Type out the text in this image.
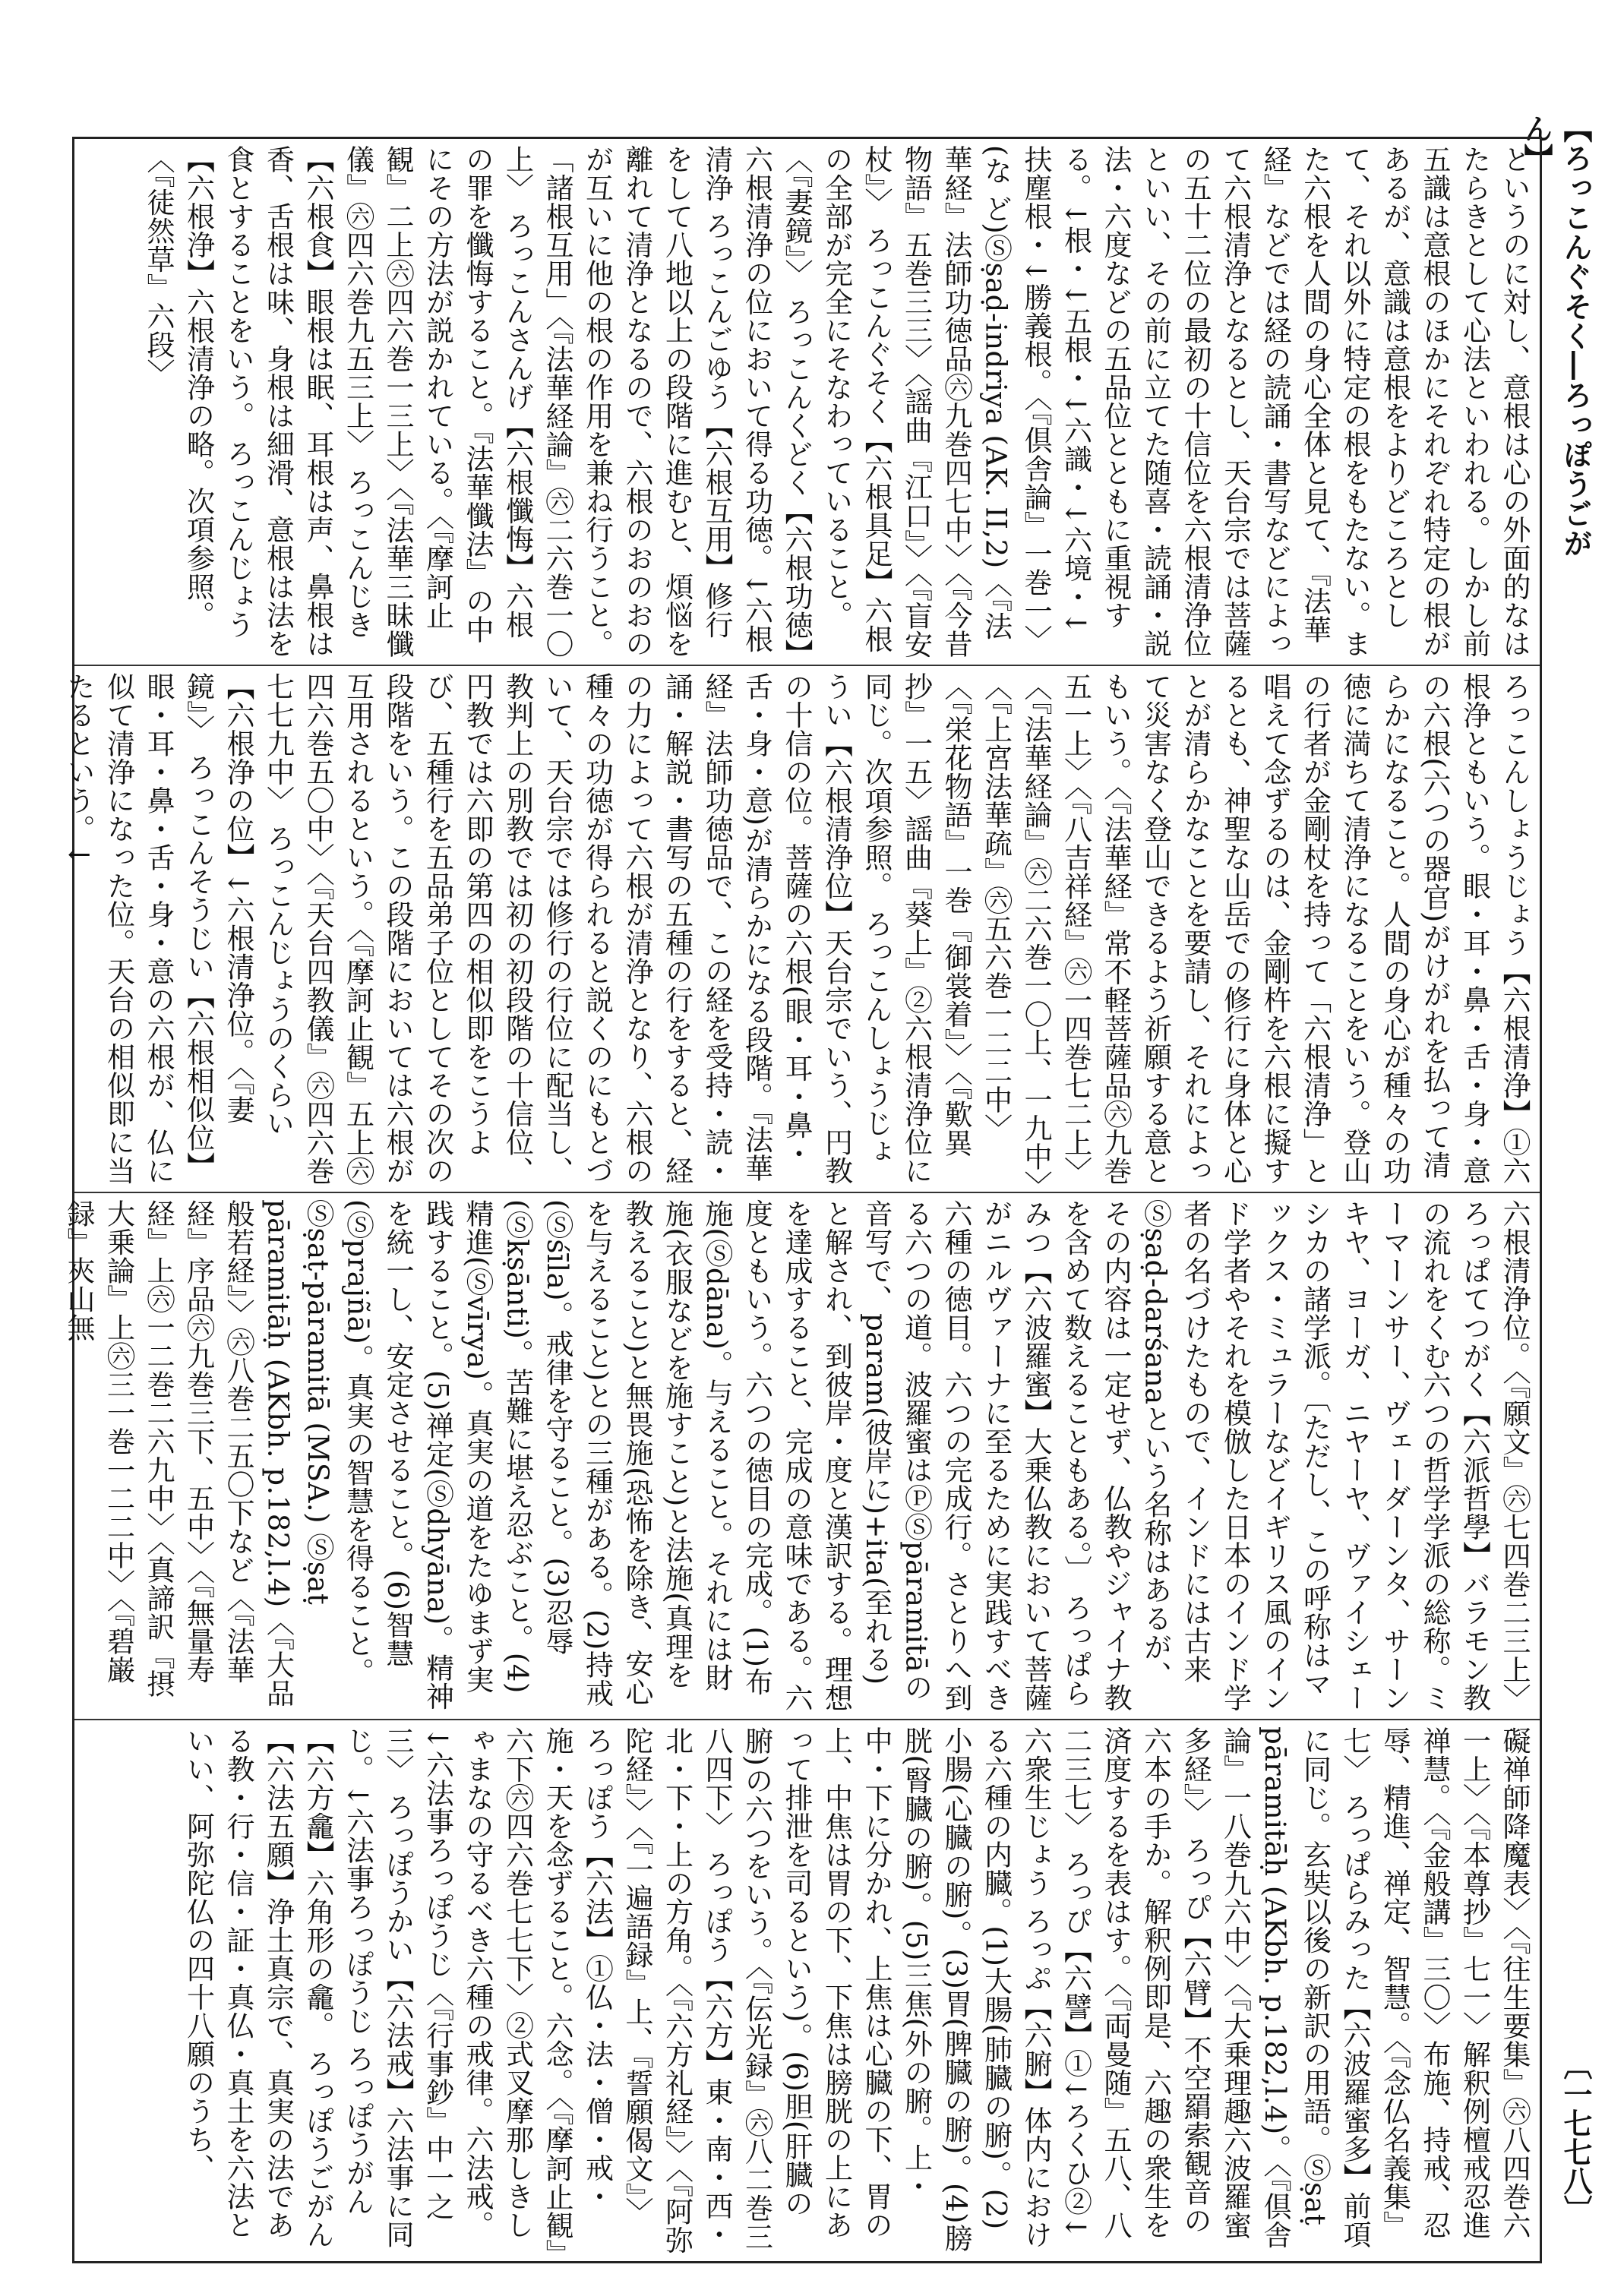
【ろっこんぐそく―ろっぽうごがん】
〔一七七八〕

というのに対し、意根は心の外面的なはたらきとして心法といわれる。しかし前五識は意根のほかにそれぞれ特定の根があるが、意識は意根をよりどころとして、それ以外に特定の根をもたない。また六根を人間の身心全体と見て、『法華経』などでは経の読誦・書写などによって六根清浄となるとし、天台宗では菩薩の五十二位の最初の十信位を六根清浄位といい、その前に立てた随喜・読誦・説法・六度などの五品位とともに重視する。↓根・↓五根・↓六識・↓六境・↓扶塵根・↓勝義根。〈『倶舎論』一巻一〉(な ど)Ⓢṣaḍ-indriya (AK. II,2)〈『法華経』法師功徳品㊅九巻四七中〉〈『今昔物語』五巻三三〉〈謡曲『江口』〉〈『盲安杖』〉 ろっこんぐそく【六根具足】六根の全部が完全にそなわっていること。〈『妻鏡』〉 ろっこんくどく【六根功徳】六根清浄の位において得る功徳。↓六根清浄 ろっこんごゆう【六根互用】修行をして八地以上の段階に進むと、煩悩を離れて清浄となるので、六根のおのおのが互いに他の根の作用を兼ね行うこと。「諸根互用」〈『法華経論』㊅二六巻一〇上〉 ろっこんさんげ【六根懺悔】六根の罪を懺悔すること。『法華懺法』の中にその方法が説かれている。〈『摩訶止観』二上㊅四六巻一三上〉〈『法華三昧懺儀』㊅四六巻九五三上〉 ろっこんじき【六根食】眼根は眠、耳根は声、鼻根は香、舌根は味、身根は細滑、意根は法を食とすることをいう。 ろっこんじょう【六根浄】六根清浄の略。次項参照。〈『徒然草』六段〉

ろっこんしょうじょう【六根清浄】①六根浄ともいう。眼・耳・鼻・舌・身・意の六根(六つの器官)がけがれを払って清らかになること。人間の身心が種々の功徳に満ちて清浄になることをいう。登山の行者が金剛杖を持って「六根清浄」と唱えて念ずるのは、金剛杵を六根に擬するとも、神聖な山岳での修行に身体と心とが清らかなことを要請し、それによって災害なく登山できるよう祈願する意ともいう。〈『法華経』常不軽菩薩品㊅九巻五一上〉〈『八吉祥経』㊅一四巻七二上〉〈『法華経論』㊅二六巻一〇上、一九中〉〈『上宮法華疏』㊅五六巻一二二中〉〈『栄花物語』一巻『御裳着』〉〈『歎異抄』一五〉謡曲『葵上』②六根清浄位に同じ。次項参照。 ろっこんしょうじょうい【六根清浄位】天台宗でいう、円教の十信の位。菩薩の六根(眼・耳・鼻・舌・身・意)が清らかになる段階。『法華経』法師功徳品で、この経を受持・読・誦・解説・書写の五種の行をすると、経の力によって六根が清浄となり、六根の種々の功徳が得られると説くのにもとづいて、天台宗では修行の行位に配当し、教判上の別教では初の初段階の十信位、円教では六即の第四の相似即をこうよび、五種行を五品弟子位としてその次の段階をいう。この段階においては六根が互用されるという。〈『摩訶止観』五上㊅四六巻五〇中〉〈『天台四教儀』㊅四六巻七七九中〉 ろっこんじょうのくらい【六根浄の位】↓六根清浄位。〈『妻鏡』〉 ろっこんそうじい【六根相似位】眼・耳・鼻・舌・身・意の六根が、仏に似て清浄になった位。天台の相似即に当たるという。↓

六根清浄位。〈『願文』㊅七四巻二三上〉 ろっぱてつがく【六派哲學】バラモン教の流れをくむ六つの哲学学派の総称。ミーマーンサー、ヴェーダーンタ、サーンキヤ、ヨーガ、ニヤーヤ、ヴァイシェーシカの諸学派。〔ただし、この呼称はマックス・ミュラーなどイギリス風のインド学者やそれを模倣した日本のインド学者の名づけたもので、インドには古来Ⓢṣaḍ-darśanaという名称はあるが、その内容は一定せず、仏教やジャイナ教を含めて数えることもある。〕 ろっぱらみつ【六波羅蜜】大乗仏教において菩薩がニルヴァーナに至るために実践すべき六種の徳目。六つの完成行。さとりへ到る六つの道。波羅蜜はⓅⓈpāramitāの音写で、param(彼岸に)+ita(至れる)と解され、到彼岸・度と漢訳する。理想を達成すること、完成の意味である。六度ともいう。六つの徳目の完成。(1)布施(Ⓢdāna)。与えること。それには財施(衣服などを施すこと)と法施(真理を教えること)と無畏施(恐怖を除き、安心を与えること)との三種がある。(2)持戒(Ⓢśīla)。戒律を守ること。(3)忍辱(Ⓢkṣānti)。苦難に堪え忍ぶこと。(4)精進(Ⓢvīrya)。真実の道をたゆまず実践すること。(5)禅定(Ⓢdhyāna)。精神を統一し、安定させること。(6)智慧(Ⓢprajñā)。真実の智慧を得ること。Ⓢṣaṭ-pāramitā (MSA.) Ⓢṣaṭ pāramitāḥ (AKbh. p.182,l.4)〈『大品般若経』〉㊅八巻二五〇下など〈『法華経』序品㊅九巻三下、五中〉〈『無量寿経』上㊅一二巻二六九中〉〈真諦訳『摂大乗論』上㊅三一巻一二二中〉〈『碧巌録』夾山無

礙禅師降魔表〉〈『往生要集』㊅八四巻六一上〉〈『本尊抄』七一〉解釈例檀戒忍進禅慧。〈『金般講』三〇〉布施、持戒、忍辱、精進、禅定、智慧。〈『念仏名義集』七〉 ろっぱらみった【六波羅蜜多】前項に同じ。玄奘以後の新訳の用語。Ⓢṣaṭ pāramitāḥ (AKbh. p.182,l.4)。〈『倶舎論』一八巻九六中〉〈『大乗理趣六波羅蜜多経』〉 ろっぴ【六臂】不空羂索観音の六本の手か。解釈例即是、六趣の衆生を済度するを表はす。〈『両曼随』五八、八二三七〉 ろっぴ【六譬】①↓ろくひ②↓六衆生じょう ろっぷ【六腑】体内における六種の内臓。(1)大腸(肺臓の腑)。(2)小腸(心臓の腑)。(3)胃(脾臓の腑)。(4)膀胱(腎臓の腑)。(5)三焦(外の腑。上・中・下に分かれ、上焦は心臓の下、胃の上、中焦は胃の下、下焦は膀胱の上にあって排泄を司るという)。(6)胆(肝臓の腑)の六つをいう。〈『伝光録』㊅八二巻三八四下〉 ろっぽう【六方】東・南・西・北・下・上の方角。〈『六方礼経』〉〈『阿弥陀経』〉〈『一遍語録』上、『誓願偈文』〉 ろっぽう【六法】①仏・法・僧・戒・施・天を念ずること。六念。〈『摩訶止観』六下㊅四六巻七七下〉②式叉摩那しきしゃまなの守るべき六種の戒律。六法戒。↓六法事ろっぽうじ〈『行事鈔』中一之三〉 ろっぽうかい【六法戒】六法事に同じ。↓六法事ろっぽうじ ろっぽうがん【六方龕】六角形の龕。 ろっぽうごがん【六法五願】浄土真宗で、真実の法である教・行・信・証・真仏・真土を六法といい、阿弥陀仏の四十八願のうち、
